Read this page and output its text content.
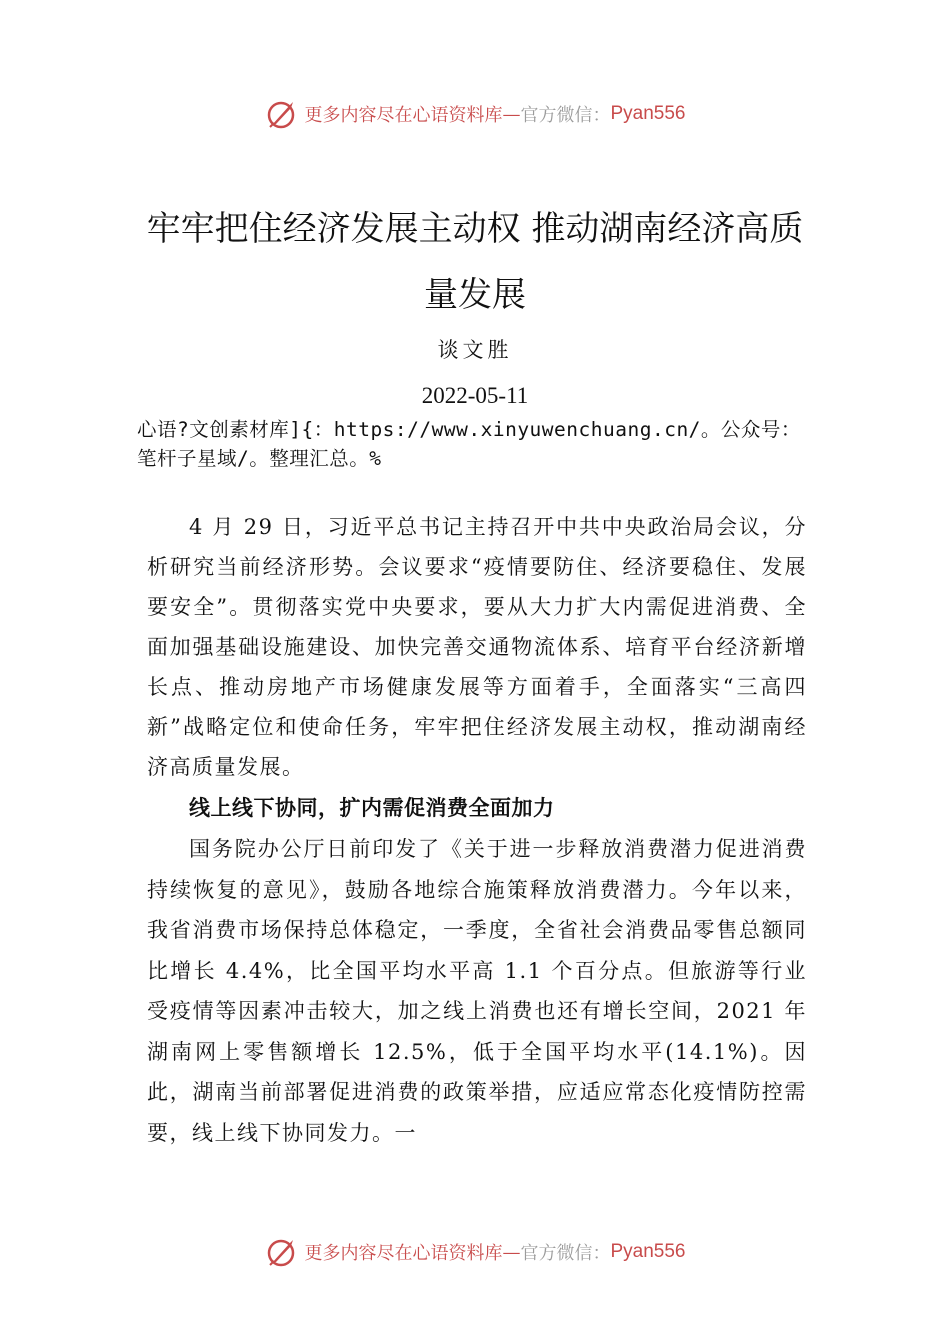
更多内容尽在心语资料库 — 官方微信： Pyan556
牢牢把住经济发展主动权 推动湖南经济高质量发展
谈文胜
2022-05-11
心语?文创素材库]{：https://www.xinyuwenchuang.cn/。公众号：笔杆子星域/。整理汇总。%

4 月 29 日，习近平总书记主持召开中共中央政治局会议，分析研究当前经济形势。会议要求“疫情要防住、经济要稳住、发展要安全”。贯彻落实党中央要求，要从大力扩大内需促进消费、全面加强基础设施建设、加快完善交通物流体系、培育平台经济新增长点、推动房地产市场健康发展等方面着手，全面落实“三高四新”战略定位和使命任务，牢牢把住经济发展主动权，推动湖南经济高质量发展。

线上线下协同，扩内需促消费全面加力

国务院办公厅日前印发了《关于进一步释放消费潜力促进消费持续恢复的意见》，鼓励各地综合施策释放消费潜力。今年以来，我省消费市场保持总体稳定，一季度，全省社会消费品零售总额同比增长 4.4%，比全国平均水平高 1.1 个百分点。但旅游等行业受疫情等因素冲击较大，加之线上消费也还有增长空间，2021 年湖南网上零售额增长 12.5%，低于全国平均水平(14.1%)。因此，湖南当前部署促进消费的政策举措，应适应常态化疫情防控需要，线上线下协同发力。一

更多内容尽在心语资料库 — 官方微信： Pyan556
